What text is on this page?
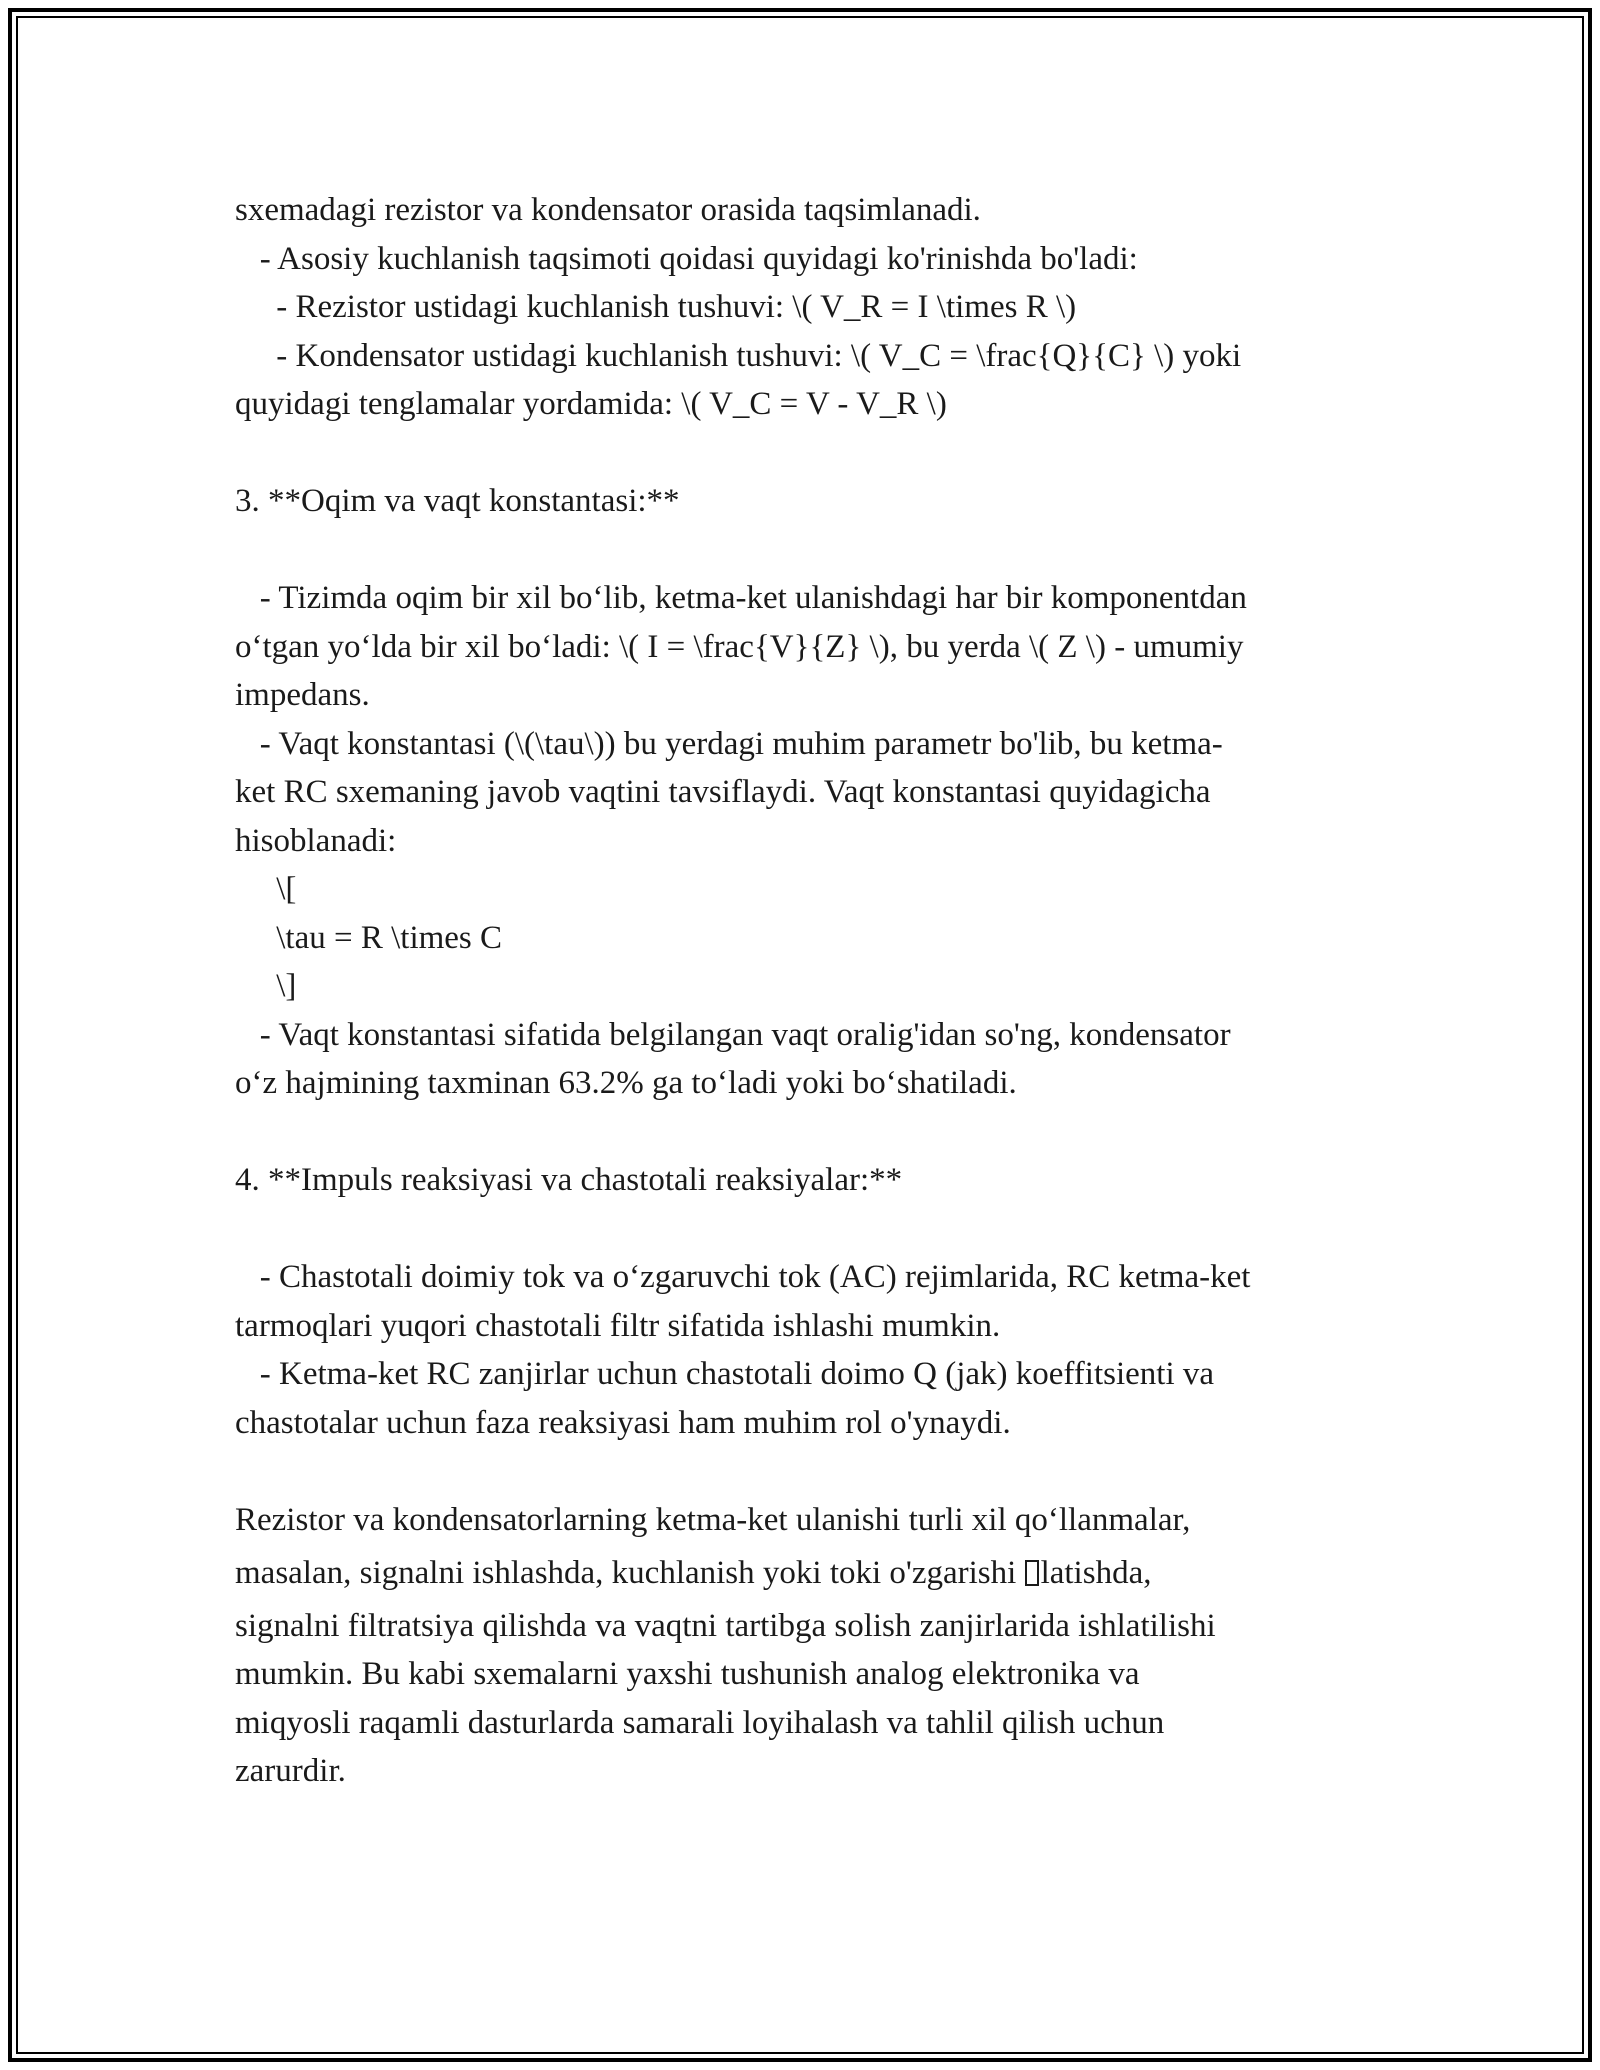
sxemadagi rezistor va kondensator orasida taqsimlanadi.
- Asosiy kuchlanish taqsimoti qoidasi quyidagi ko'rinishda bo'ladi:
- Rezistor ustidagi kuchlanish tushuvi: \( V_R = I \times R \)
- Kondensator ustidagi kuchlanish tushuvi: \( V_C = \frac{Q}{C} \) yoki
quyidagi tenglamalar yordamida: \( V_C = V - V_R \)
3. **Oqim va vaqt konstantasi:**
- Tizimda oqim bir xil bo‘lib, ketma-ket ulanishdagi har bir komponentdan
o‘tgan yo‘lda bir xil bo‘ladi: \( I = \frac{V}{Z} \), bu yerda \( Z \) - umumiy
impedans.
- Vaqt konstantasi (\(\tau\)) bu yerdagi muhim parametr bo'lib, bu ketma-
ket RC sxemaning javob vaqtini tavsiflaydi. Vaqt konstantasi quyidagicha
hisoblanadi:
\[
\tau = R \times C
\]
- Vaqt konstantasi sifatida belgilangan vaqt oralig'idan so'ng, kondensator
o‘z hajmining taxminan 63.2% ga to‘ladi yoki bo‘shatiladi.
4. **Impuls reaksiyasi va chastotali reaksiyalar:**
- Chastotali doimiy tok va o‘zgaruvchi tok (AC) rejimlarida, RC ketma-ket
tarmoqlari yuqori chastotali filtr sifatida ishlashi mumkin.
- Ketma-ket RC zanjirlar uchun chastotali doimo Q (jak) koeffitsienti va
chastotalar uchun faza reaksiyasi ham muhim rol o'ynaydi.
Rezistor va kondensatorlarning ketma-ket ulanishi turli xil qo‘llanmalar,
masalan, signalni ishlashda, kuchlanish yoki toki o'zgarishi latishda,
signalni filtratsiya qilishda va vaqtni tartibga solish zanjirlarida ishlatilishi
mumkin. Bu kabi sxemalarni yaxshi tushunish analog elektronika va
miqyosli raqamli dasturlarda samarali loyihalash va tahlil qilish uchun
zarurdir.
